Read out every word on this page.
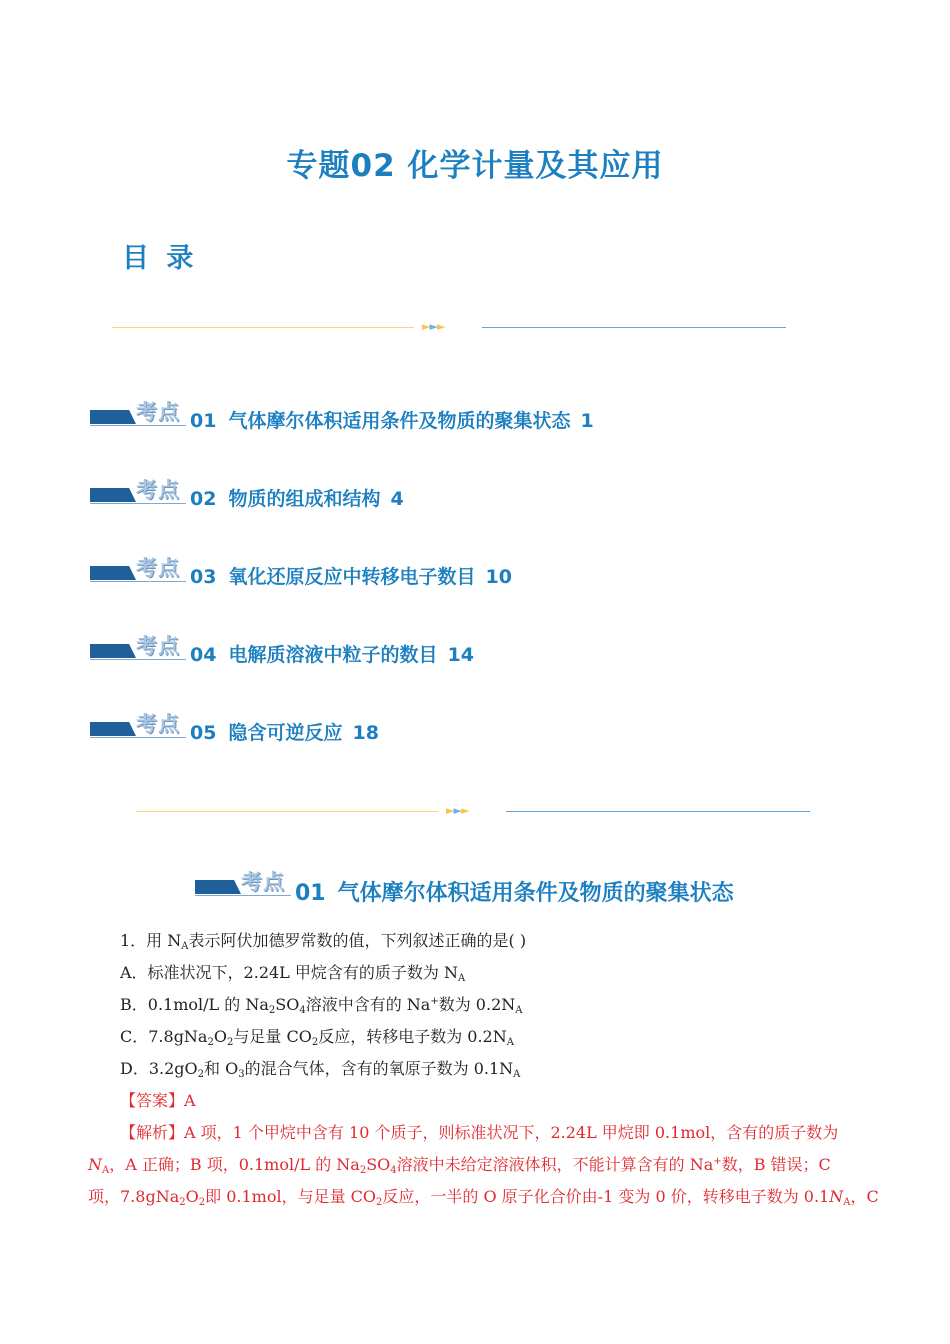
专题02 化学计量及其应用
目 录
►►►
考点 01 气体摩尔体积适用条件及物质的聚集状态 1
考点 02 物质的组成和结构 4
考点 03 氧化还原反应中转移电子数目 10
考点 04 电解质溶液中粒子的数目 14
考点 05 隐含可逆反应 18
►►►
考点 01 气体摩尔体积适用条件及物质的聚集状态
1．用 $N_A$表示阿伏加德罗常数的值，下列叙述正确的是( )
A．标准状况下，2.24L 甲烷含有的质子数为 $N_A$
B．0.1mol/L 的 $Na_2SO_4$溶液中含有的 Na+数为 $0.2N_A$
C．$7.8gNa_2O_2$与足量 $CO_2$反应，转移电子数为 $0.2N_A$
D．$3.2gO_2$和 $O_3$的混合气体，含有的氧原子数为 $0.1N_A$
【答案】A
【解析】A 项，1 个甲烷中含有 10 个质子，则标准状况下，2.24L 甲烷即 0.1mol，含有的质子数为
$N_A$，A 正确；B 项，0.1mol/L 的 $Na_2SO_4$溶液中未给定溶液体积，不能计算含有的 Na+数，B 错误；C
项，$7.8gNa_2O_2$即 0.1mol，与足量 $CO_2$反应，一半的 O 原子化合价由-1 变为 0 价，转移电子数为 $0.1N_A$，C
